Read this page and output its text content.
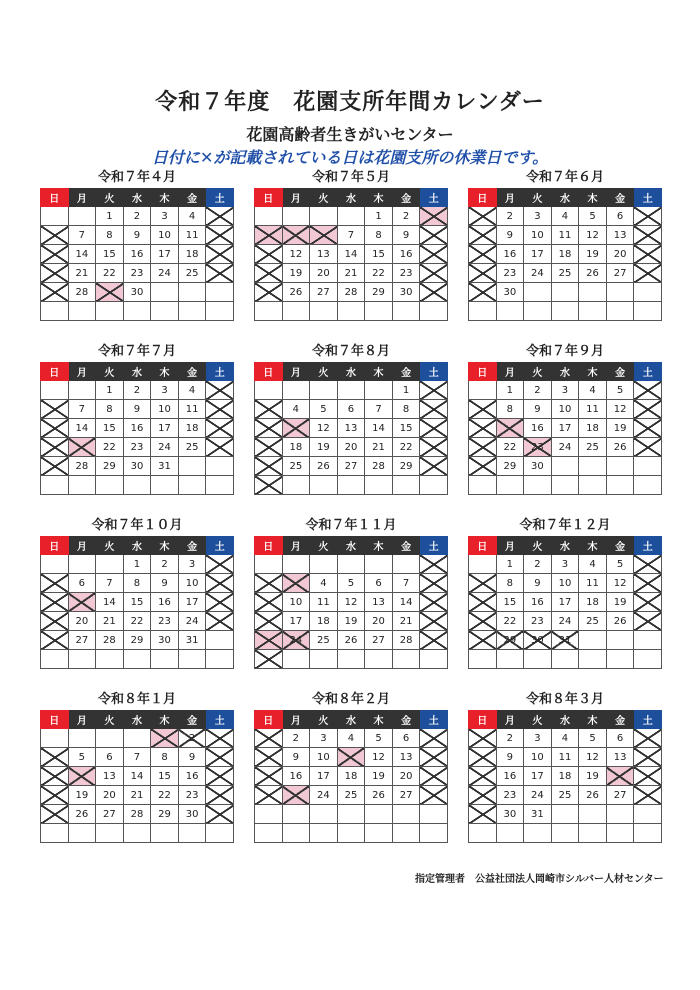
令和７年度　花園支所年間カレンダー
花園高齢者生きがいセンター
日付に✕が記載されている日は花園支所の休業日です。
令和７年４月
日	月	火	水	木	金	土
		1	2	3	4	
	7	8	9	10	11	
	14	15	16	17	18	
	21	22	23	24	25	
	28		30			

令和７年５月
日	月	火	水	木	金	土
				1	2	
			7	8	9	
	12	13	14	15	16	
	19	20	21	22	23	
	26	27	28	29	30	

令和７年６月
日	月	火	水	木	金	土
	2	3	4	5	6	
	9	10	11	12	13	
	16	17	18	19	20	
	23	24	25	26	27	
	30					

令和７年７月
日	月	火	水	木	金	土
		1	2	3	4	
	7	8	9	10	11	
	14	15	16	17	18	
		22	23	24	25	
	28	29	30	31		

令和７年８月
日	月	火	水	木	金	土
					1	
	4	5	6	7	8	
		12	13	14	15	
	18	19	20	21	22	
	25	26	27	28	29	

令和７年９月
日	月	火	水	木	金	土
	1	2	3	4	5	
	8	9	10	11	12	
		16	17	18	19	
	22	23	24	25	26	
	29	30				

令和７年１０月
日	月	火	水	木	金	土
			1	2	3	
	6	7	8	9	10	
		14	15	16	17	
	20	21	22	23	24	
	27	28	29	30	31	

令和７年１１月
日	月	火	水	木	金	土

		4	5	6	7	
	10	11	12	13	14	
	17	18	19	20	21	
	24	25	26	27	28	

令和７年１２月
日	月	火	水	木	金	土
	1	2	3	4	5	
	8	9	10	11	12	
	15	16	17	18	19	
	22	23	24	25	26	
	29	30	31			

令和８年１月
日	月	火	水	木	金	土
					2	
	5	6	7	8	9	
		13	14	15	16	
	19	20	21	22	23	
	26	27	28	29	30	

令和８年２月
日	月	火	水	木	金	土
	2	3	4	5	6	
	9	10		12	13	
	16	17	18	19	20	
		24	25	26	27	

令和８年３月
日	月	火	水	木	金	土
	2	3	4	5	6	
	9	10	11	12	13	
	16	17	18	19		
	23	24	25	26	27	
	30	31				

指定管理者　公益社団法人岡崎市シルバー人材センター
